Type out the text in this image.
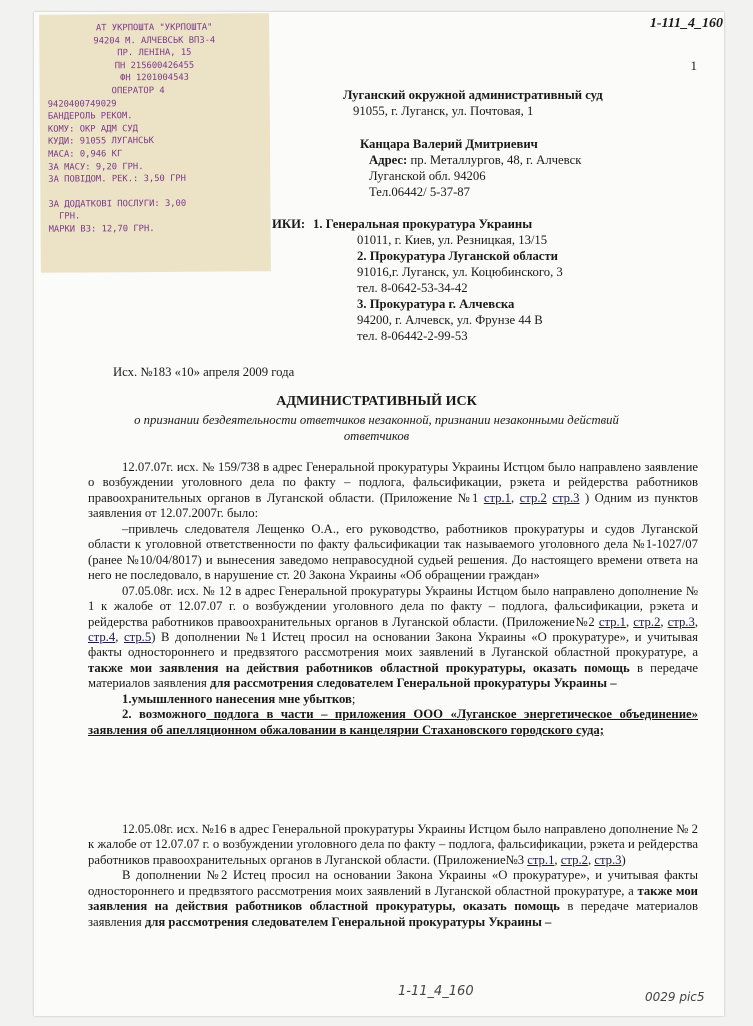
1-111_4_160
1
АТ УКРПОШТА "УКРПОШТА"
94204 М. АЛЧЕВСЬК ВПЗ-4
ПР. ЛЕНІНА, 15
ПН 215600426455
ФН 1201004543
ОПЕРАТОР 4
9420400749029
БАНДЕРОЛЬ РЕКОМ.
КОМУ: ОКР АДМ СУД
КУДИ: 91055 ЛУГАНСЬК
МАСА: 0,946 КГ
ЗА МАСУ: 9,20 ГРН.
ЗА ПОВІДОМ. РЕК.: 3,50 ГРН
ЗА ДОДАТКОВІ ПОСЛУГИ: 3,00
ГРН.
МАРКИ ВЗ: 12,70 ГРН.
Луганский окружной административный суд
91055, г. Луганск, ул. Почтовая, 1
Канцара Валерий Дмитриевич
Адрес: пр. Металлургов, 48, г. Алчевск
Луганской обл. 94206
Тел.06442/ 5-37-87
ИКИ: 1. Генеральная прокуратура Украины
01011, г. Киев, ул. Резницкая, 13/15
2. Прокуратура Луганской области
91016,г. Луганск, ул. Коцюбинского, 3
тел. 8-0642-53-34-42
3. Прокуратура г. Алчевска
94200, г. Алчевск, ул. Фрунзе 44 В
тел. 8-06442-2-99-53
Исх. №183 «10» апреля 2009 года
АДМИНИСТРАТИВНЫЙ ИСК
о признании бездеятельности ответчиков незаконной, признании незаконными действий
ответчиков

12.07.07г. исх. № 159/738 в адрес Генеральной прокуратуры Украины Истцом было направлено заявление о возбуждении уголовного дела по факту – подлога, фальсификации, рэкета и рейдерства работников правоохранительных органов в Луганской области. (Приложение №1 стр.1, стр.2 стр.3 ) Одним из пунктов заявления от 12.07.2007г. было:

–привлечь следователя Лещенко О.А., его руководство, работников прокуратуры и судов Луганской области к уголовной ответственности по факту фальсификации так называемого уголовного дела №1-1027/07 (ранее №10/04/8017) и вынесения заведомо неправосудной судьей решения. До настоящего времени ответа на него не последовало, в нарушение ст. 20 Закона Украины «Об обращении граждан»

07.05.08г. исх. № 12 в адрес Генеральной прокуратуры Украины Истцом было направлено дополнение № 1 к жалобе от 12.07.07 г. о возбуждении уголовного дела по факту – подлога, фальсификации, рэкета и рейдерства работников правоохранительных органов в Луганской области. (Приложение№2 стр.1, стр.2, стр.3, стр.4, стр.5) В дополнении №1 Истец просил на основании Закона Украины «О прокуратуре», и учитывая факты одностороннего и предвзятого рассмотрения моих заявлений в Луганской областной прокуратуре, а также мои заявления на действия работников областной прокуратуры, оказать помощь в передаче материалов заявления для рассмотрения следователем Генеральной прокуратуры Украины –

1.умышленного нанесения мне убытков;

2. возможного подлога в части – приложения ООО «Луганское энергетическое объединение» заявления об апелляционном обжаловании в канцелярии Стахановского городского суда;

12.05.08г. исх. №16 в адрес Генеральной прокуратуры Украины Истцом было направлено дополнение № 2 к жалобе от 12.07.07 г. о возбуждении уголовного дела по факту – подлога, фальсификации, рэкета и рейдерства работников правоохранительных органов в Луганской области. (Приложение№3 стр.1, стр.2, стр.3)

В дополнении №2 Истец просил на основании Закона Украины «О прокуратуре», и учитывая факты одностороннего и предвзятого рассмотрения моих заявлений в Луганской областной прокуратуре, а также мои заявления на действия работников областной прокуратуры, оказать помощь в передаче материалов заявления для рассмотрения следователем Генеральной прокуратуры Украины –

1-11_4_160	0029 pic5
